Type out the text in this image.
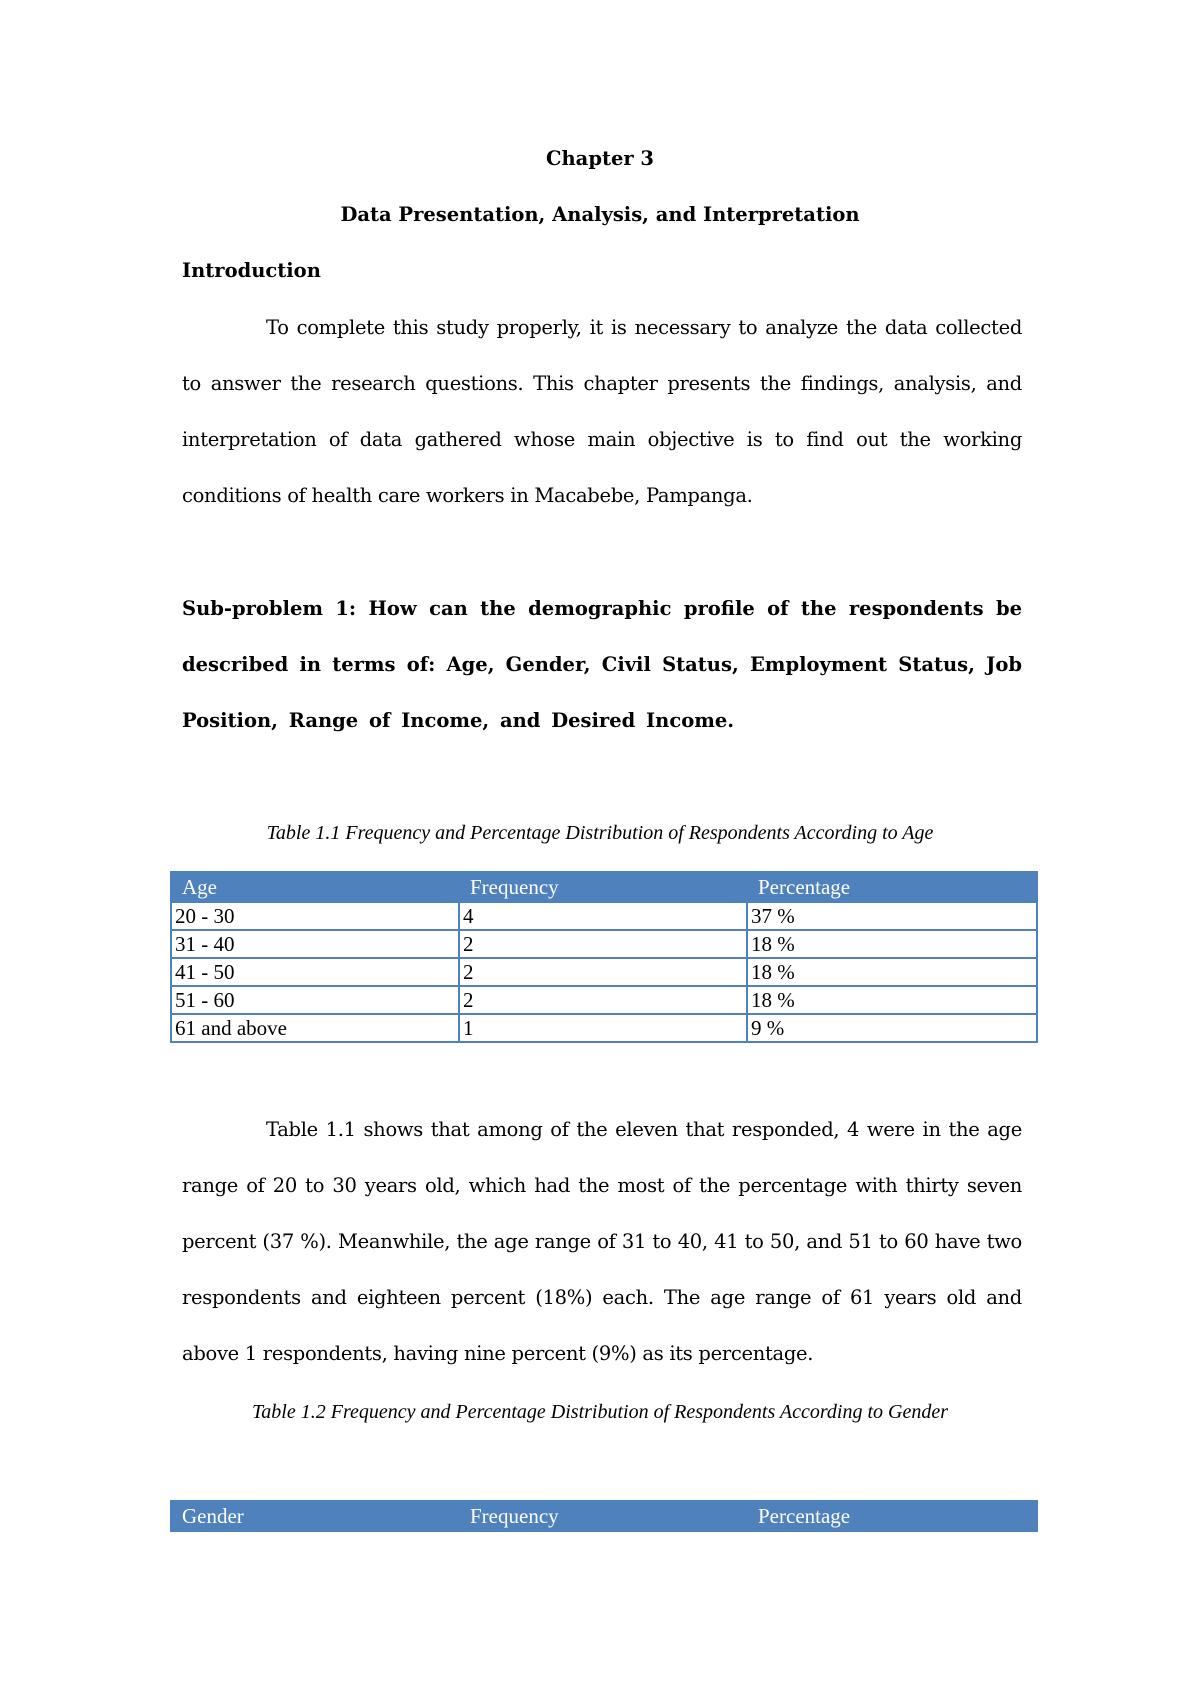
Chapter 3

Data Presentation, Analysis, and Interpretation

Introduction

To complete this study properly, it is necessary to analyze the data collected to answer the research questions. This chapter presents the findings, analysis, and interpretation of data gathered whose main objective is to find out the working conditions of health care workers in Macabebe, Pampanga.

Sub-problem 1: How can the demographic profile of the respondents be described in terms of: Age, Gender, Civil Status, Employment Status, Job Position, Range of Income, and Desired Income.

Table 1.1 Frequency and Percentage Distribution of Respondents According to Age

Age	Frequency	Percentage
20 - 30	4	37 %
31 - 40	2	18 %
41 - 50	2	18 %
51 - 60	2	18 %
61 and above	1	9 %

Table 1.1 shows that among of the eleven that responded, 4 were in the age range of 20 to 30 years old, which had the most of the percentage with thirty seven percent (37 %). Meanwhile, the age range of 31 to 40, 41 to 50, and 51 to 60 have two respondents and eighteen percent (18%) each. The age range of 61 years old and above 1 respondents, having nine percent (9%) as its percentage.

Table 1.2 Frequency and Percentage Distribution of Respondents According to Gender

Gender	Frequency	Percentage
